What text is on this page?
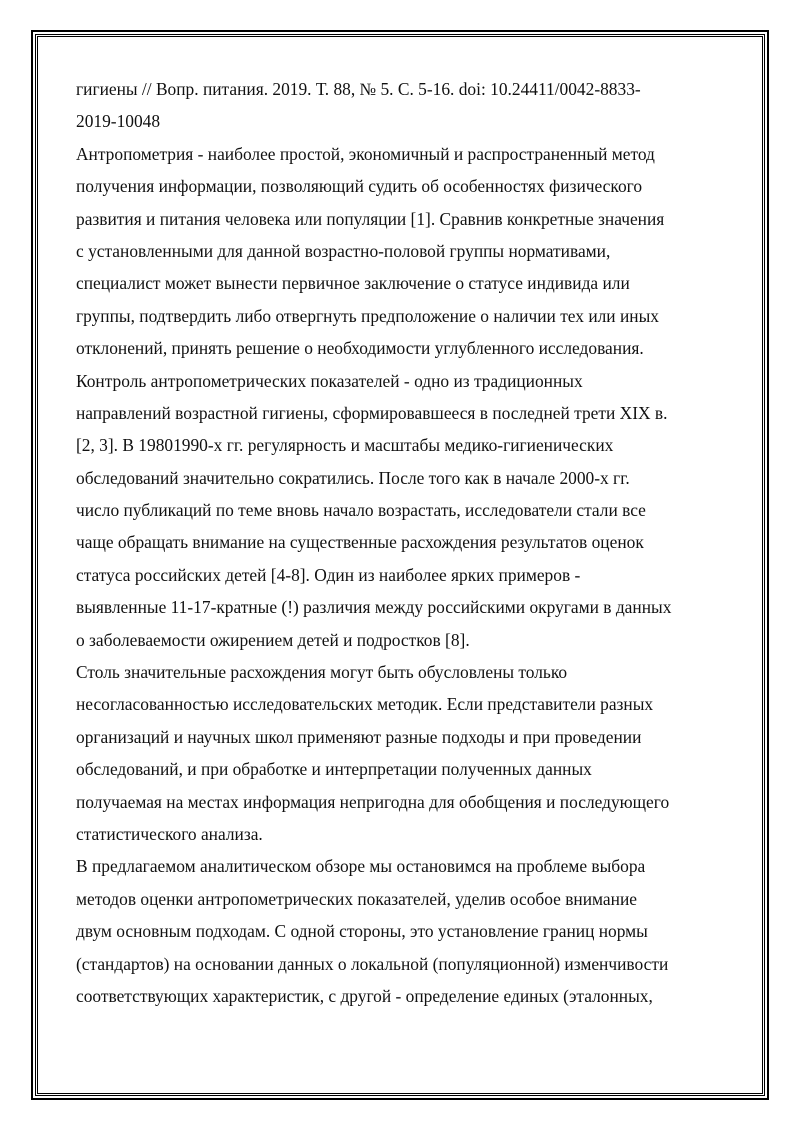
гигиены // Вопр. питания. 2019. Т. 88, № 5. С. 5-16. doi: 10.24411/0042-8833-
2019-10048
Антропометрия - наиболее простой, экономичный и распространенный метод
получения информации, позволяющий судить об особенностях физического
развития и питания человека или популяции [1]. Сравнив конкретные значения
с установленными для данной возрастно-половой группы нормативами,
специалист может вынести первичное заключение о статусе индивида или
группы, подтвердить либо отвергнуть предположение о наличии тех или иных
отклонений, принять решение о необходимости углубленного исследования.
Контроль антропометрических показателей - одно из традиционных
направлений возрастной гигиены, сформировавшееся в последней трети XIX в.
[2, 3]. В 19801990-х гг. регулярность и масштабы медико-гигиенических
обследований значительно сократились. После того как в начале 2000-х гг.
число публикаций по теме вновь начало возрастать, исследователи стали все
чаще обращать внимание на существенные расхождения результатов оценок
статуса российских детей [4-8]. Один из наиболее ярких примеров -
выявленные 11-17-кратные (!) различия между российскими округами в данных
о заболеваемости ожирением детей и подростков [8].
Столь значительные расхождения могут быть обусловлены только
несогласованностью исследовательских методик. Если представители разных
организаций и научных школ применяют разные подходы и при проведении
обследований, и при обработке и интерпретации полученных данных
получаемая на местах информация непригодна для обобщения и последующего
статистического анализа.
В предлагаемом аналитическом обзоре мы остановимся на проблеме выбора
методов оценки антропометрических показателей, уделив особое внимание
двум основным подходам. С одной стороны, это установление границ нормы
(стандартов) на основании данных о локальной (популяционной) изменчивости
соответствующих характеристик, с другой - определение единых (эталонных,
